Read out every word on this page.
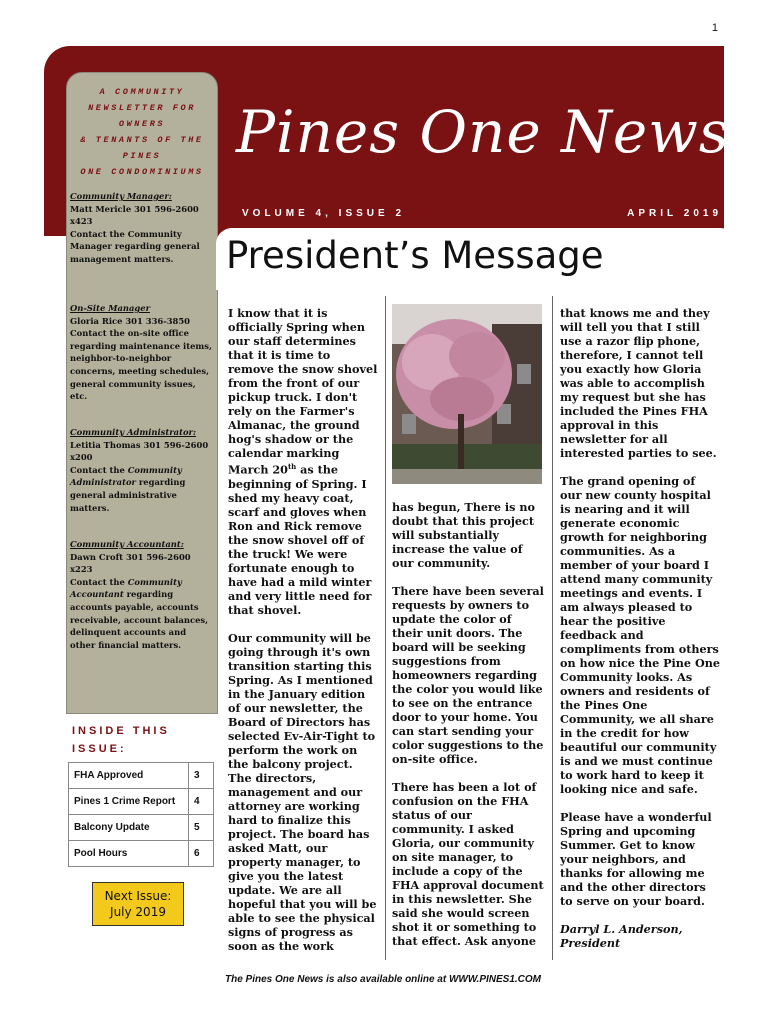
1
A COMMUNITY
NEWSLETTER FOR OWNERS
& TENANTS OF THE PINES
ONE CONDOMINIUMS
Pines One News
VOLUME 4, ISSUE 2	APRIL 2019
President’s Message
Community Manager:
Matt Mericle 301 596-2600
x423
Contact the Community Manager regarding general management matters.
On-Site Manager
Gloria Rice 301 336-3850
Contact the on-site office regarding maintenance items, neighbor-to-neighbor concerns, meeting schedules, general community issues, etc.
Community Administrator:
Letitia Thomas 301 596-2600
x200
Contact the Community Administrator regarding general administrative matters.
Community Accountant:
Dawn Croft 301 596-2600
x223
Contact the Community Accountant regarding accounts payable, accounts receivable, account balances, delinquent accounts and other financial matters.
INSIDE THIS
ISSUE:
FHA Approved	3
Pines 1 Crime Report	4
Balcony Update	5
Pool Hours	6
Next Issue:
July 2019

I know that it is officially Spring when our staff determines that it is time to remove the snow shovel from the front of our pickup truck. I don't rely on the Farmer's Almanac, the ground hog's shadow or the calendar marking March 20th as the beginning of Spring. I shed my heavy coat, scarf and gloves when Ron and Rick remove the snow shovel off of the truck! We were fortunate enough to have had a mild winter and very little need for that shovel.

Our community will be going through it's own transition starting this Spring. As I mentioned in the January edition of our newsletter, the Board of Directors has selected Ev-Air-Tight to perform the work on the balcony project. The directors, management and our attorney are working hard to finalize this project. The board has asked Matt, our property manager, to give you the latest update. We are all hopeful that you will be able to see the physical signs of progress as soon as the work

has begun, There is no doubt that this project will substantially increase the value of our community.

There have been several requests by owners to update the color of their unit doors. The board will be seeking suggestions from homeowners regarding the color you would like to see on the entrance door to your home. You can start sending your color suggestions to the on-site office.

There has been a lot of confusion on the FHA status of our community. I asked Gloria, our community on site manager, to include a copy of the FHA approval document in this newsletter. She said she would screen shot it or something to that effect. Ask anyone

that knows me and they will tell you that I still use a razor flip phone, therefore, I cannot tell you exactly how Gloria was able to accomplish my request but she has included the Pines FHA approval in this newsletter for all interested parties to see.

The grand opening of our new county hospital is nearing and it will generate economic growth for neighboring communities. As a member of your board I attend many community meetings and events. I am always pleased to hear the positive feedback and compliments from others on how nice the Pine One Community looks. As owners and residents of the Pines One Community, we all share in the credit for how beautiful our community is and we must continue to work hard to keep it looking nice and safe.

Please have a wonderful Spring and upcoming Summer. Get to know your neighbors, and thanks for allowing me and the other directors to serve on your board.

Darryl L. Anderson, President

The Pines One News is also available online at WWW.PINES1.COM
